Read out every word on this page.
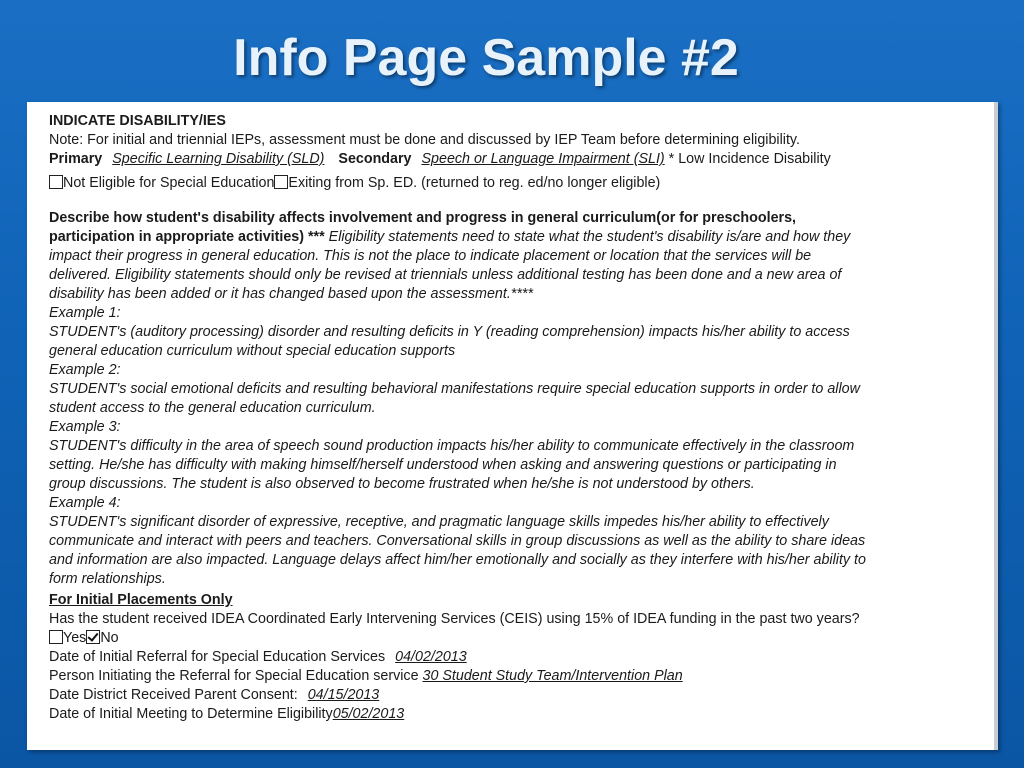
Info Page Sample #2
INDICATE DISABILITY/IES
Note: For initial and triennial IEPs, assessment must be done and discussed by IEP Team before determining eligibility.
Primary Specific Learning Disability (SLD) Secondary Speech or Language Impairment (SLI) * Low Incidence Disability
Not Eligible for Special Education Exiting from Sp. ED. (returned to reg. ed/no longer eligible)
Describe how student's disability affects involvement and progress in general curriculum(or for preschoolers,
participation in appropriate activities) *** Eligibility statements need to state what the student's disability is/are and how they
impact their progress in general education. This is not the place to indicate placement or location that the services will be
delivered. Eligibility statements should only be revised at triennials unless additional testing has been done and a new area of
disability has been added or it has changed based upon the assessment.****
Example 1:
STUDENT's (auditory processing) disorder and resulting deficits in Y (reading comprehension) impacts his/her ability to access
general education curriculum without special education supports
Example 2:
STUDENT's social emotional deficits and resulting behavioral manifestations require special education supports in order to allow
student access to the general education curriculum.
Example 3:
STUDENT's difficulty in the area of speech sound production impacts his/her ability to communicate effectively in the classroom
setting. He/she has difficulty with making himself/herself understood when asking and answering questions or participating in
group discussions. The student is also observed to become frustrated when he/she is not understood by others.
Example 4:
STUDENT's significant disorder of expressive, receptive, and pragmatic language skills impedes his/her ability to effectively
communicate and interact with peers and teachers. Conversational skills in group discussions as well as the ability to share ideas
and information are also impacted. Language delays affect him/her emotionally and socially as they interfere with his/her ability to
form relationships.
For Initial Placements Only
Has the student received IDEA Coordinated Early Intervening Services (CEIS) using 15% of IDEA funding in the past two years?
Yes No
Date of Initial Referral for Special Education Services 04/02/2013
Person Initiating the Referral for Special Education service 30 Student Study Team/Intervention Plan
Date District Received Parent Consent: 04/15/2013
Date of Initial Meeting to Determine Eligibility05/02/2013
